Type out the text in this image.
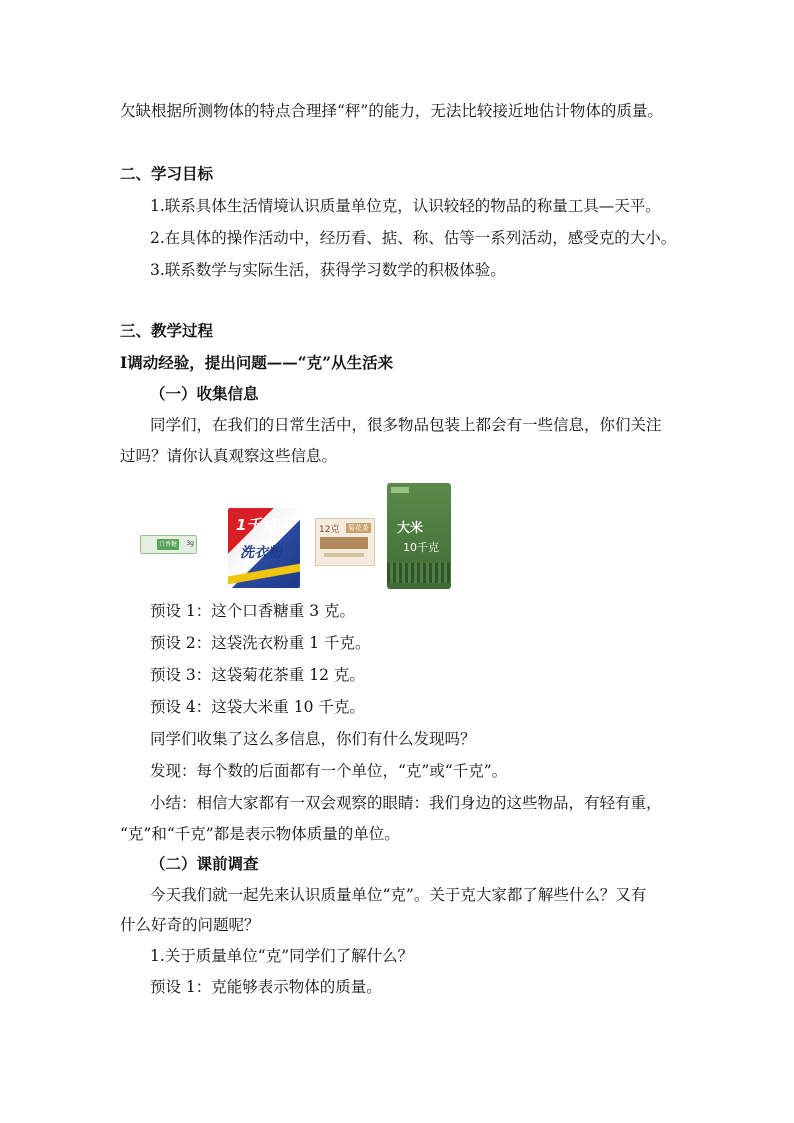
欠缺根据所测物体的特点合理择“秤”的能力，无法比较接近地估计物体的质量。
二、学习目标
1.联系具体生活情境认识质量单位克，认识较轻的物品的称量工具—天平。
2.在具体的操作活动中，经历看、掂、称、估等一系列活动，感受克的大小。
3.联系数学与实际生活，获得学习数学的积极体验。
三、教学过程
Ⅰ调动经验，提出问题——“克”从生活来
（一）收集信息
同学们，在我们的日常生活中，很多物品包装上都会有一些信息，你们关注
过吗？请你认真观察这些信息。
口香糖	3g
1千克
洗衣粉
12克 菊花茶 大米
10千克
预设 1：这个口香糖重 3 克。
预设 2：这袋洗衣粉重 1 千克。
预设 3：这袋菊花茶重 12 克。
预设 4：这袋大米重 10 千克。
同学们收集了这么多信息，你们有什么发现吗？
发现：每个数的后面都有一个单位，“克”或“千克”。
小结：相信大家都有一双会观察的眼睛：我们身边的这些物品，有轻有重，
“克”和“千克”都是表示物体质量的单位。
（二）课前调查
今天我们就一起先来认识质量单位“克”。关于克大家都了解些什么？又有
什么好奇的问题呢？
1.关于质量单位“克”同学们了解什么？
预设 1：克能够表示物体的质量。
